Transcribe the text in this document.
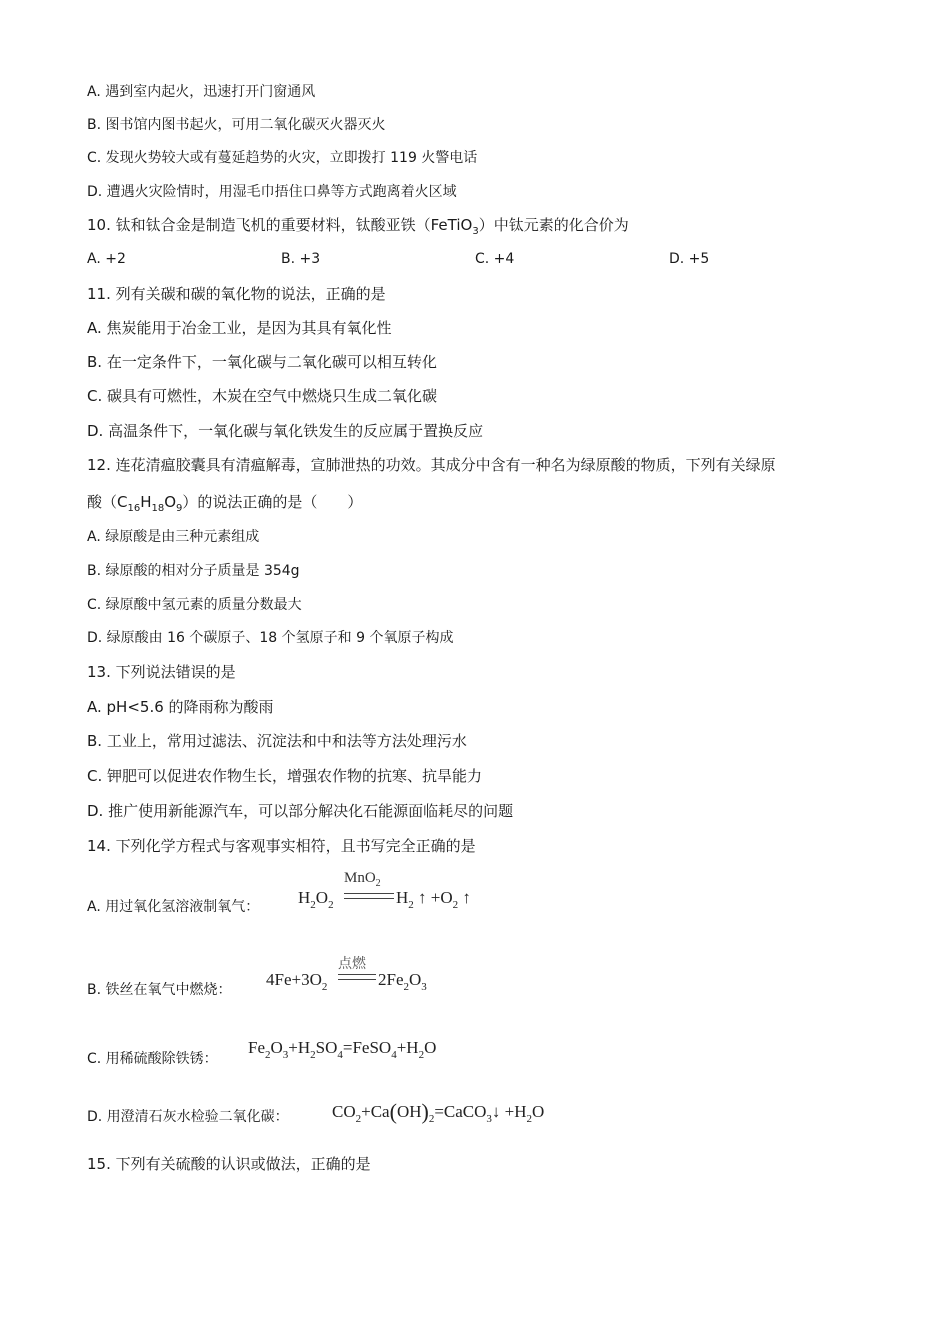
A. 遇到室内起火，迅速打开门窗通风
B. 图书馆内图书起火，可用二氧化碳灭火器灭火
C. 发现火势较大或有蔓延趋势的火灾，立即拨打 119 火警电话
D. 遭遇火灾险情时，用湿毛巾捂住口鼻等方式跑离着火区域
10. 钛和钛合金是制造飞机的重要材料，钛酸亚铁（FeTiO$_3$）中钛元素的化合价为
A. +2	B. +3	C. +4	D. +5
11. 列有关碳和碳的氧化物的说法，正确的是
A. 焦炭能用于冶金工业，是因为其具有氧化性
B. 在一定条件下，一氧化碳与二氧化碳可以相互转化
C. 碳具有可燃性，木炭在空气中燃烧只生成二氧化碳
D. 高温条件下，一氧化碳与氧化铁发生的反应属于置换反应
12. 连花清瘟胶囊具有清瘟解毒，宣肺泄热的功效。其成分中含有一种名为绿原酸的物质，下列有关绿原
酸$(C_{16}H_{18}O_9)$的说法正确的是（　　）
A. 绿原酸是由三种元素组成
B. 绿原酸的相对分子质量是 354g
C. 绿原酸中氢元素的质量分数最大
D. 绿原酸由 16 个碳原子、18 个氢原子和 9 个氧原子构成
13. 下列说法错误的是
A. pH<5.6 的降雨称为酸雨
B. 工业上，常用过滤法、沉淀法和中和法等方法处理污水
C. 钾肥可以促进农作物生长，增强农作物的抗寒、抗旱能力
D. 推广使用新能源汽车，可以部分解决化石能源面临耗尽的问题
14. 下列化学方程式与客观事实相符，且书写完全正确的是
A. 用过氧化氢溶液制氧气：
MnO$_2$
$H_2O_2$	$H_2$ ↑ $+O_2$ ↑
B. 铁丝在氧气中燃烧：
$4Fe+3O_2$
点燃
$2Fe_2O_3$
C. 用稀硫酸除铁锈：
$Fe_2O_3+H_2SO_4=FeSO_4+H_2O$
D. 用澄清石灰水检验二氧化碳：	$CO_2+Ca(OH)_2=CaCO_3↓ +H_2O$
15. 下列有关硫酸的认识或做法，正确的是
